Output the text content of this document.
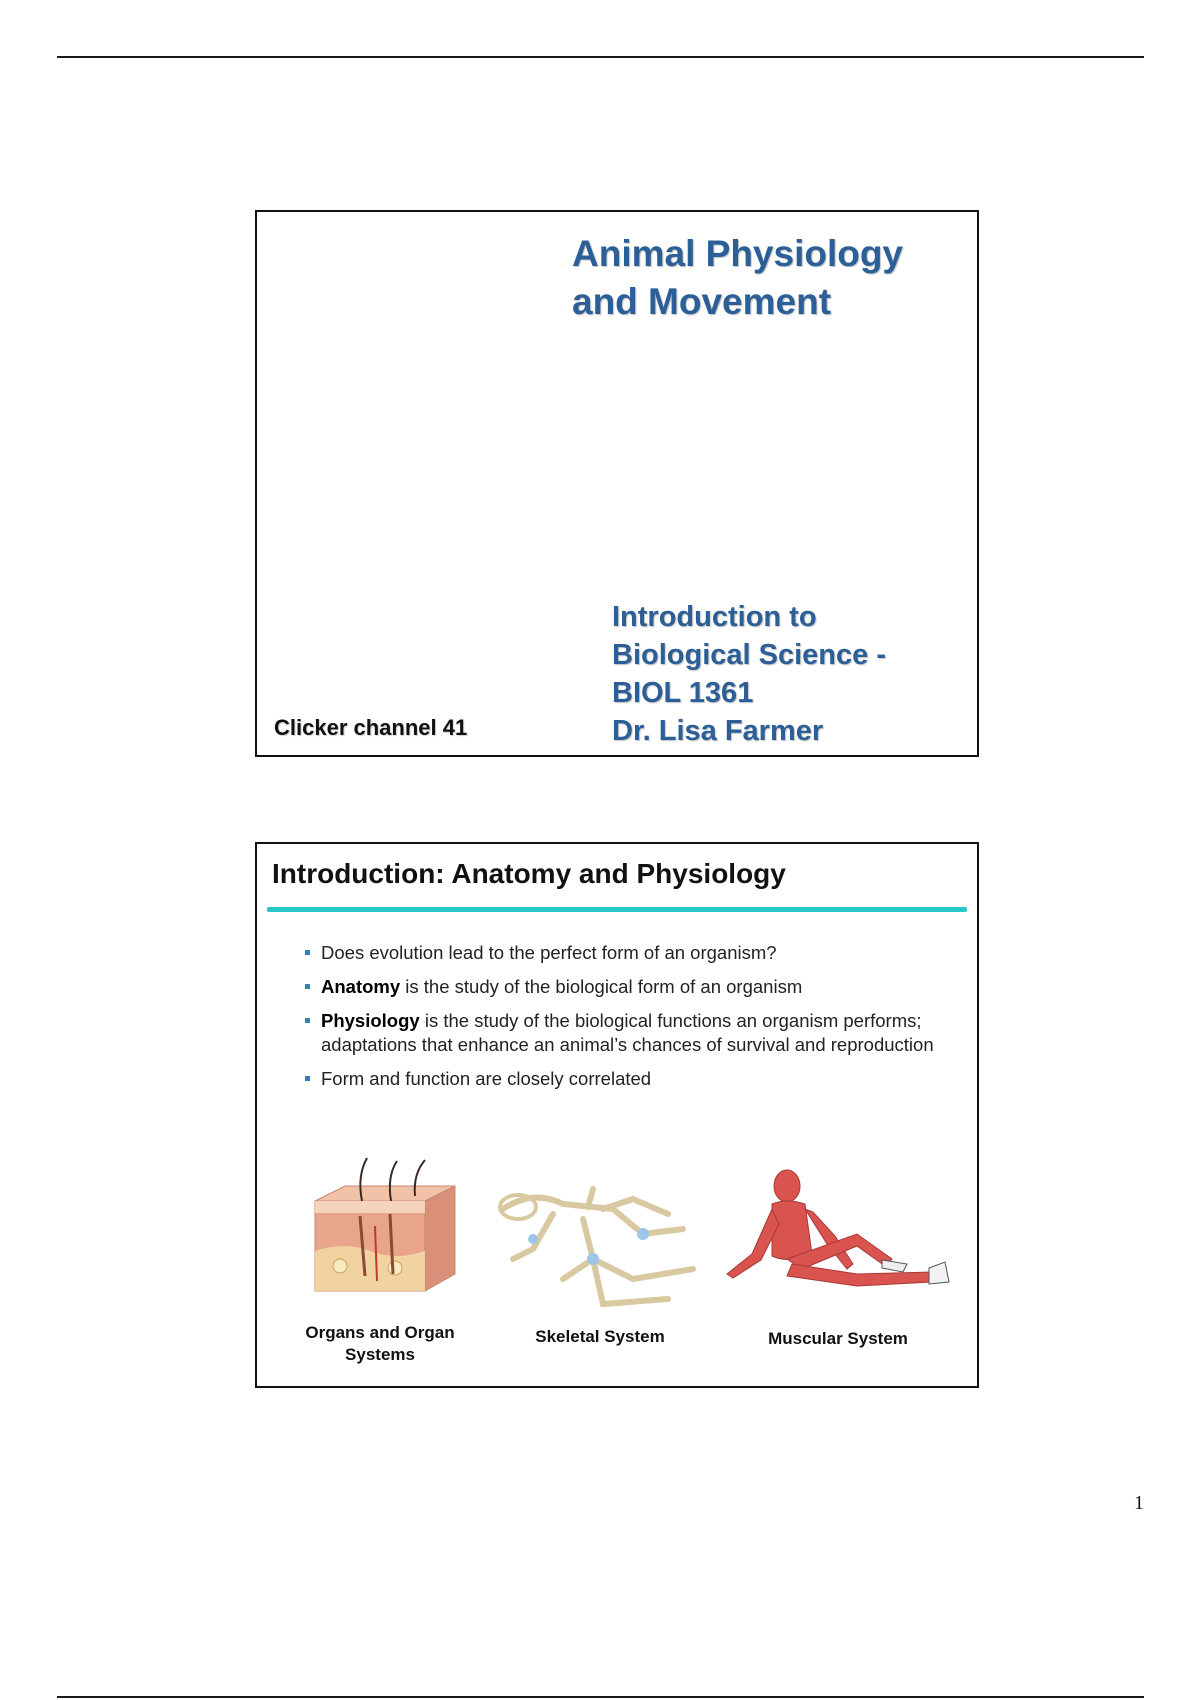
Animal Physiology
and Movement
Introduction to
Biological Science -
BIOL 1361
Dr. Lisa Farmer
Clicker channel 41
Introduction: Anatomy and Physiology
Does evolution lead to the perfect form of an organism?
Anatomy is the study of the biological form of an organism
Physiology is the study of the biological functions an organism performs; adaptations that enhance an animal’s chances of survival and reproduction
Form and function are closely correlated
Organs and Organ Systems
Skeletal System	Muscular System
1
